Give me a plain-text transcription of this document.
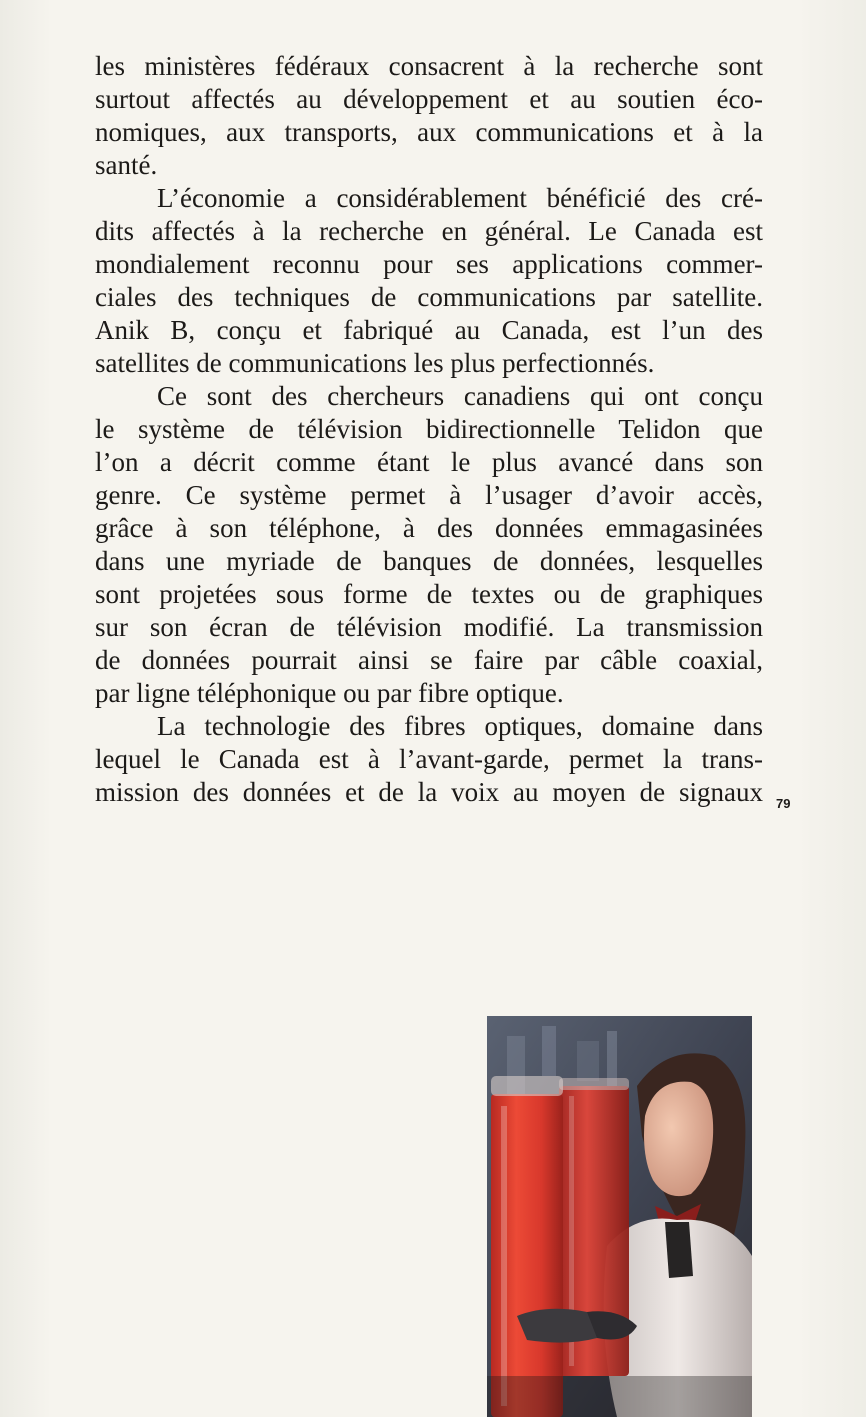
les ministères fédéraux consacrent à la recherche sont
surtout affectés au développement et au soutien éco-
nomiques, aux transports, aux communications et à la
santé.
L’économie a considérablement bénéficié des cré-
dits affectés à la recherche en général. Le Canada est
mondialement reconnu pour ses applications commer-
ciales des techniques de communications par satellite.
Anik B, conçu et fabriqué au Canada, est l’un des
satellites de communications les plus perfectionnés.
Ce sont des chercheurs canadiens qui ont conçu
le système de télévision bidirectionnelle Telidon que
l’on a décrit comme étant le plus avancé dans son
genre. Ce système permet à l’usager d’avoir accès,
grâce à son téléphone, à des données emmagasinées
dans une myriade de banques de données, lesquelles
sont projetées sous forme de textes ou de graphiques
sur son écran de télévision modifié. La transmission
de données pourrait ainsi se faire par câble coaxial,
par ligne téléphonique ou par fibre optique.
La technologie des fibres optiques, domaine dans
lequel le Canada est à l’avant-garde, permet la trans-
mission des données et de la voix au moyen de signaux 79
